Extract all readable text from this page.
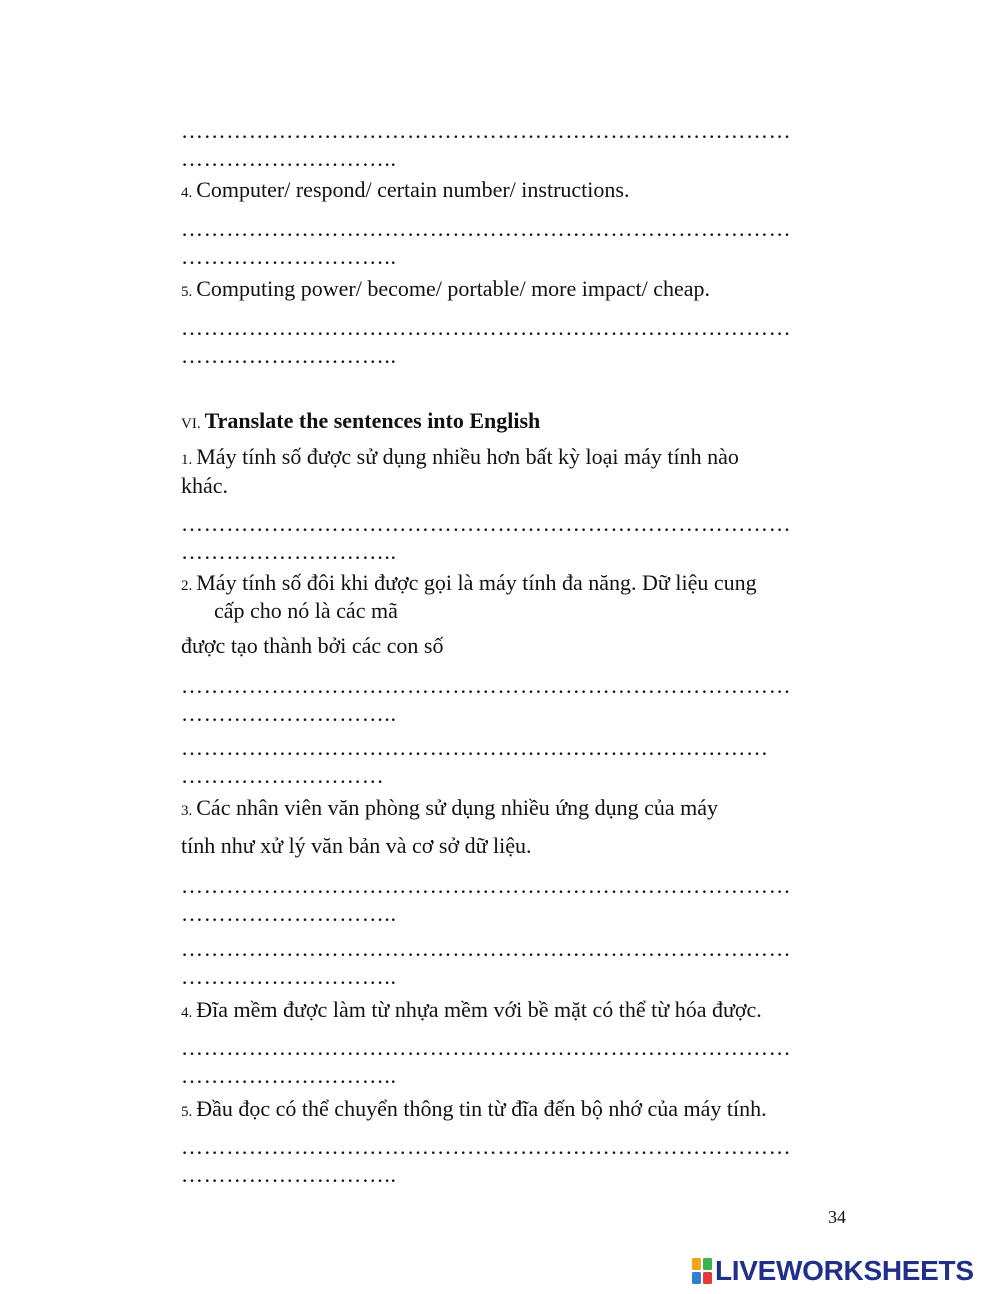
………………………………………………………………………

………………………..

4. Computer/ respond/ certain number/ instructions.

………………………………………………………………………

………………………..

5. Computing power/ become/ portable/ more impact/ cheap.

………………………………………………………………………

………………………..

VI. Translate the sentences into English

1. Máy tính số được sử dụng nhiều hơn bất kỳ loại máy tính nào

khác.

………………………………………………………………………

………………………..

2. Máy tính số đôi khi được gọi là máy tính đa năng. Dữ liệu cung

cấp cho nó là các mã

được tạo thành bởi các con số

………………………………………………………………………

………………………..

……………………………………………………………………

………………………

3. Các nhân viên văn phòng sử dụng nhiều ứng dụng của máy

tính như xử lý văn bản và cơ sở dữ liệu.

………………………………………………………………………

………………………..

………………………………………………………………………

………………………..

4. Đĩa mềm được làm từ nhựa mềm với bề mặt có thể từ hóa được.

………………………………………………………………………

………………………..

5. Đầu đọc có thể chuyển thông tin từ đĩa đến bộ nhớ của máy tính.

………………………………………………………………………

………………………..

34
LIVEWORKSHEETS
